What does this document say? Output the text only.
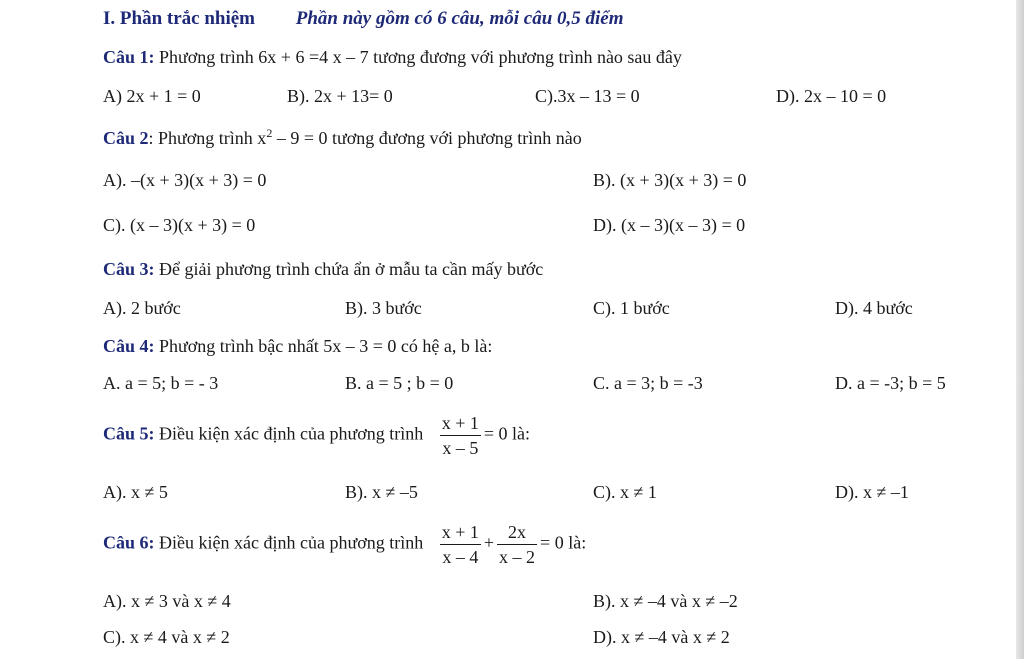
I. Phần trắc nhiệm Phần này gồm có 6 câu, mỗi câu 0,5 điểm
Câu 1: Phương trình 6x + 6 =4 x – 7 tương đương với phương trình nào sau đây
A) 2x + 1 = 0	B). 2x + 13= 0	C).3x – 13 = 0	D). 2x – 10 = 0
Câu 2: Phương trình $x^2 - 9 = 0$ tương đương với phương trình nào
A). –(x + 3)(x + 3) = 0	B). (x + 3)(x + 3) = 0
C). (x – 3)(x + 3) = 0	D). (x – 3)(x – 3) = 0
Câu 3: Để giải phương trình chứa ẩn ở mẫu ta cần mấy bước
A). 2 bước	B). 3 bước	C). 1 bước	D). 4 bước
Câu 4: Phương trình bậc nhất 5x – 3 = 0 có hệ a, b là:
A. a = 5; b = - 3	B. a = 5 ; b = 0	C. a = 3; b = -3	D. a = -3; b = 5
Câu 5: Điều kiện xác định của phương trình $\frac{x + 1}{x - 5} = 0$ là:
A). x ≠ 5	B). x ≠ –5	C). x ≠ 1	D). x ≠ –1
Câu 6: Điều kiện xác định của phương trình $\frac{x + 1}{x - 4} + \frac{2x}{x - 2} = 0$ là:
A). x ≠ 3 và x ≠ 4	B). x ≠ –4 và x ≠ –2
C). x ≠ 4 và x ≠ 2	D). x ≠ –4 và x ≠ 2
